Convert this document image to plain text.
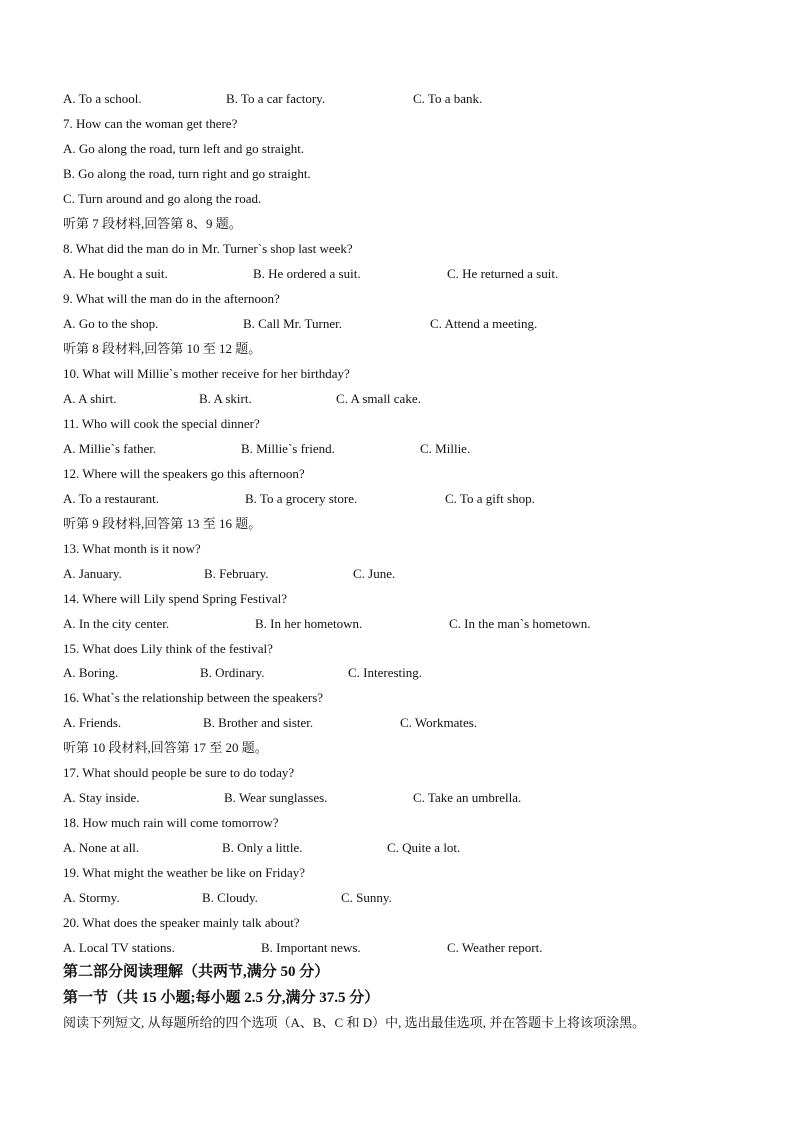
A. To a school.	B. To a car factory.	C. To a bank.
7. How can the woman get there?
A. Go along the road, turn left and go straight.
B. Go along the road, turn right and go straight.
C. Turn around and go along the road.
听第 7 段材料,回答第 8、9 题。
8. What did the man do in Mr. Turner`s shop last week?
A. He bought a suit.	B. He ordered a suit.	C. He returned a suit.
9. What will the man do in the afternoon?
A. Go to the shop.	B. Call Mr. Turner.	C. Attend a meeting.
听第 8 段材料,回答第 10 至 12 题。
10. What will Millie`s mother receive for her birthday?
A. A shirt.	B. A skirt.	C. A small cake.
11. Who will cook the special dinner?
A. Millie`s father.	B. Millie`s friend.	C. Millie.
12. Where will the speakers go this afternoon?
A. To a restaurant.	B. To a grocery store.	C. To a gift shop.
听第 9 段材料,回答第 13 至 16 题。
13. What month is it now?
A. January.	B. February.	C. June.
14. Where will Lily spend Spring Festival?
A. In the city center.	B. In her hometown.	C. In the man`s hometown.
15. What does Lily think of the festival?
A. Boring.	B. Ordinary.	C. Interesting.
16. What`s the relationship between the speakers?
A. Friends.	B. Brother and sister.	C. Workmates.
听第 10 段材料,回答第 17 至 20 题。
17. What should people be sure to do today?
A. Stay inside.	B. Wear sunglasses.	C. Take an umbrella.
18. How much rain will come tomorrow?
A. None at all.	B. Only a little.	C. Quite a lot.
19. What might the weather be like on Friday?
A. Stormy.	B. Cloudy.	C. Sunny.
20. What does the speaker mainly talk about?
A. Local TV stations.	B. Important news.	C. Weather report.
第二部分阅读理解（共两节,满分 50 分）
第一节（共 15 小题;每小题 2.5 分,满分 37.5 分）
阅读下列短文, 从每题所给的四个选项（A、B、C 和 D）中, 选出最佳选项, 并在答题卡上将该项涂黑。
